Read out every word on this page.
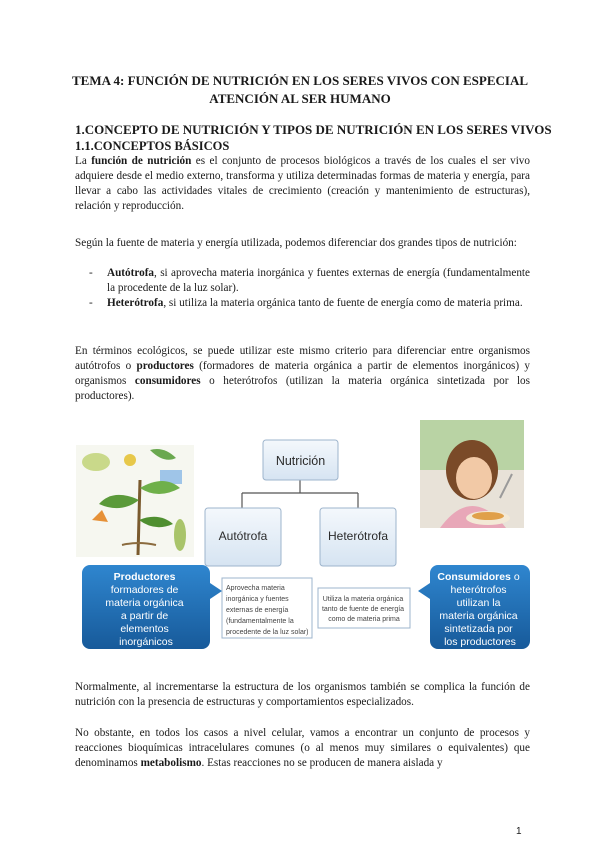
TEMA 4: FUNCIÓN DE NUTRICIÓN EN LOS SERES VIVOS CON ESPECIAL
ATENCIÓN AL SER HUMANO
1.CONCEPTO DE NUTRICIÓN Y TIPOS DE NUTRICIÓN EN LOS SERES VIVOS
1.1.CONCEPTOS BÁSICOS
La función de nutrición es el conjunto de procesos biológicos a través de los cuales el ser vivo adquiere desde el medio externo, transforma y utiliza determinadas formas de materia y energía, para llevar a cabo las actividades vitales de crecimiento (creación y mantenimiento de estructuras), relación y reproducción.
Según la fuente de materia y energía utilizada, podemos diferenciar dos grandes tipos de nutrición:
- Autótrofa, si aprovecha materia inorgánica y fuentes externas de energía (fundamentalmente la procedente de la luz solar).
- Heterótrofa, si utiliza la materia orgánica tanto de fuente de energía como de materia prima.
En términos ecológicos, se puede utilizar este mismo criterio para diferenciar entre organismos autótrofos o productores (formadores de materia orgánica a partir de elementos inorgánicos) y organismos consumidores o heterótrofos (utilizan la materia orgánica sintetizada por los productores).
Nutrición
Autótrofa	Heterótrofa
Aprovecha materia inorgánica y fuentes externas de energía (fundamentalmente la procedente de la luz solar)
Utiliza la materia orgánica tanto de fuente de energía como de materia prima
Productores formadores de materia orgánica a partir de elementos inorgánicos
Consumidores o heterótrofos utilizan la materia orgánica sintetizada por los productores
Normalmente, al incrementarse la estructura de los organismos también se complica la función de nutrición con la presencia de estructuras y comportamientos especializados.
No obstante, en todos los casos a nivel celular, vamos a encontrar un conjunto de procesos y reacciones bioquímicas intracelulares comunes (o al menos muy similares o equivalentes) que denominamos metabolismo. Estas reacciones no se producen de manera aislada y
1
